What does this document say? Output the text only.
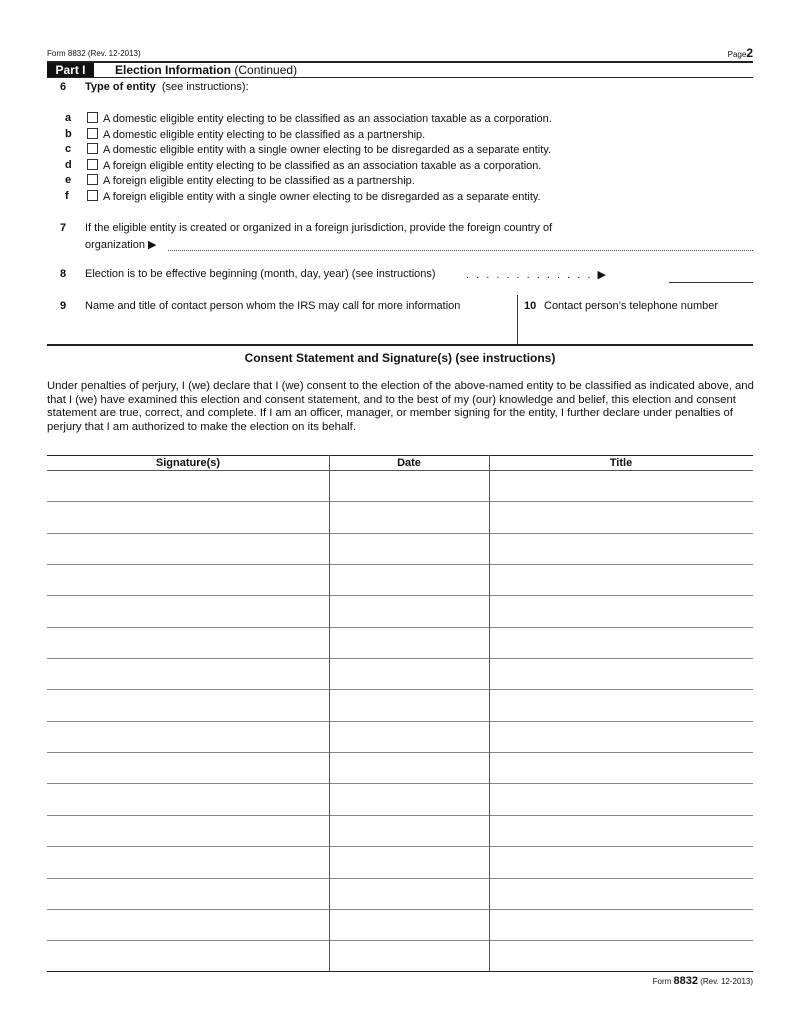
Form 8832 (Rev. 12-2013)	Page2
Part I	Election Information (Continued)
6 Type of entity (see instructions):
a	A domestic eligible entity electing to be classified as an association taxable as a corporation.
b	A domestic eligible entity electing to be classified as a partnership.
c	A domestic eligible entity with a single owner electing to be disregarded as a separate entity.
d	A foreign eligible entity electing to be classified as an association taxable as a corporation.
e	A foreign eligible entity electing to be classified as a partnership.
f	A foreign eligible entity with a single owner electing to be disregarded as a separate entity.
7 If the eligible entity is created or organized in a foreign jurisdiction, provide the foreign country of
organization ▶
8 Election is to be effective beginning (month, day, year) (see instructions)	. . . . . . . . . . . . . ▶
9 Name and title of contact person whom the IRS may call for more information	10 Contact person’s telephone number
Consent Statement and Signature(s) (see instructions)
Under penalties of perjury, I (we) declare that I (we) consent to the election of the above-named entity to be classified as indicated above, and that I (we) have examined this election and consent statement, and to the best of my (our) knowledge and belief, this election and consent statement are true, correct, and complete. If I am an officer, manager, or member signing for the entity, I further declare under penalties of perjury that I am authorized to make the election on its behalf.
Signature(s)	Date	Title
Form 8832 (Rev. 12-2013)
